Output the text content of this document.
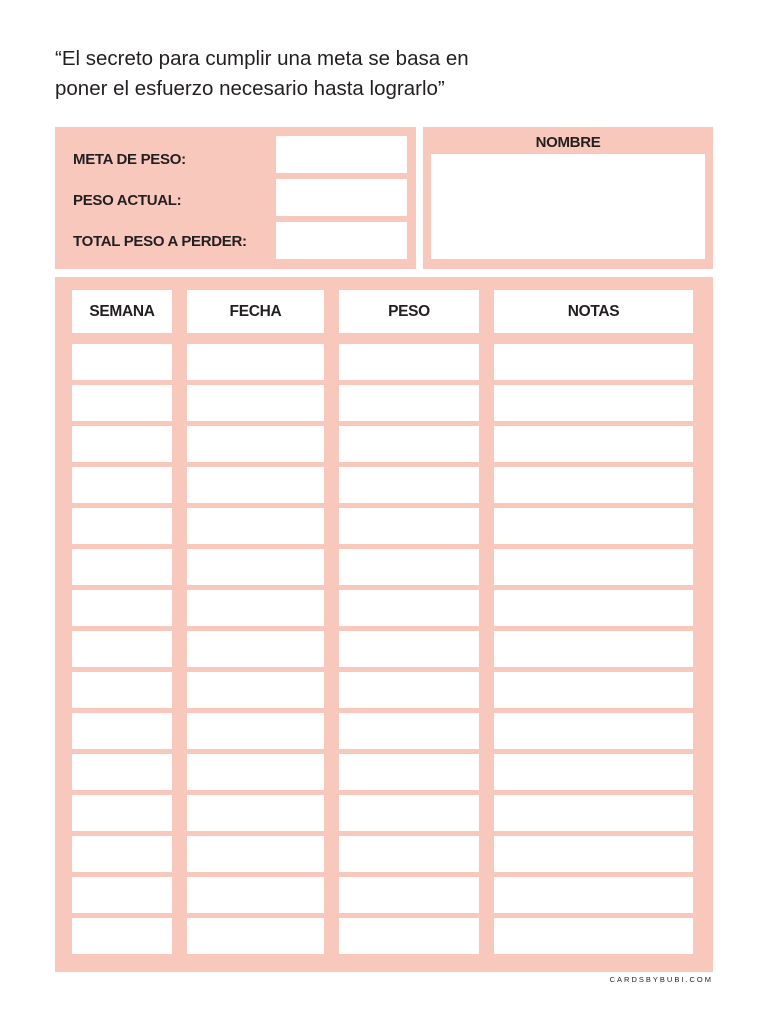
“El secreto para cumplir una meta se basa en
poner el esfuerzo necesario hasta lograrlo”
META DE PESO:
PESO ACTUAL:
TOTAL PESO A PERDER:
NOMBRE
SEMANA	FECHA	PESO	NOTAS
CARDSBYBUBI.COM
